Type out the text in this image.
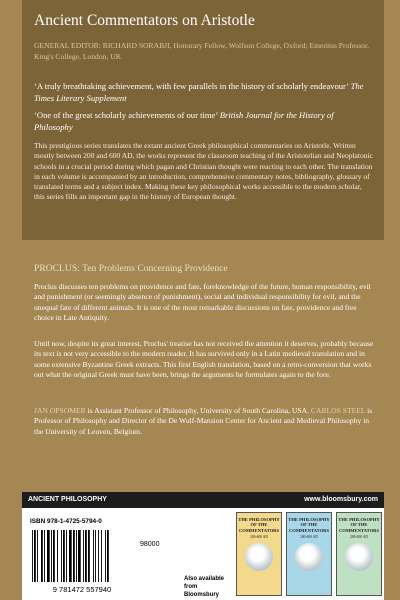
Ancient Commentators on Aristotle
GENERAL EDITOR: RICHARD SORABJI, Honorary Fellow, Wolfson College, Oxford; Emeritus Professor, King's College, London, UK
‘A truly breathtaking achievement, with few parallels in the history of scholarly endeavour’ The Times Literary Supplement
‘One of the great scholarly achievements of our time’ British Journal for the History of Philosophy
This prestigious series translates the extant ancient Greek philosophical commentaries on Aristotle. Written mostly between 200 and 600 AD, the works represent the classroom teaching of the Aristotelian and Neoplatonic schools in a crucial period during which pagan and Christian thought were reacting to each other. The translation in each volume is accompanied by an introduction, comprehensive commentary notes, bibliography, glossary of translated terms and a subject index. Making these key philosophical works accessible to the modern scholar, this series fills an important gap in the history of European thought.
PROCLUS: Ten Problems Concerning Providence
Proclus discusses ten problems on providence and fate, foreknowledge of the future, human responsibility, evil and punishment (or seemingly absence of punishment), social and individual responsibility for evil, and the unequal fate of different animals. It is one of the most remarkable discussions on fate, providence and free choice in Late Antiquity.
Until now, despite its great interest, Proclus' treatise has not received the attention it deserves, probably because its text is not very accessible to the modern reader. It has survived only in a Latin medieval translation and in some extensive Byzantine Greek extracts. This first English translation, based on a retro-conversion that works out what the original Greek must have been, brings the arguments he formulates again to the fore.
JAN OPSOMER is Assistant Professor of Philosophy, University of South Carolina, USA. CARLOS STEEL is Professor of Philosophy and Director of the De Wulf-Mansion Center for Ancient and Medieval Philosophy in the University of Leuven, Belgium.
ANCIENT PHILOSOPHY	www.bloomsbury.com
ISBN 978-1-4725-5794-0
9 781472 557940
98000
Also available from Bloomsbury
THE PHILOSOPHY OF THE COMMENTATORS
200-600 AD
THE PHILOSOPHY OF THE COMMENTATORS
200-600 AD
THE PHILOSOPHY OF THE COMMENTATORS
200-600 AD
